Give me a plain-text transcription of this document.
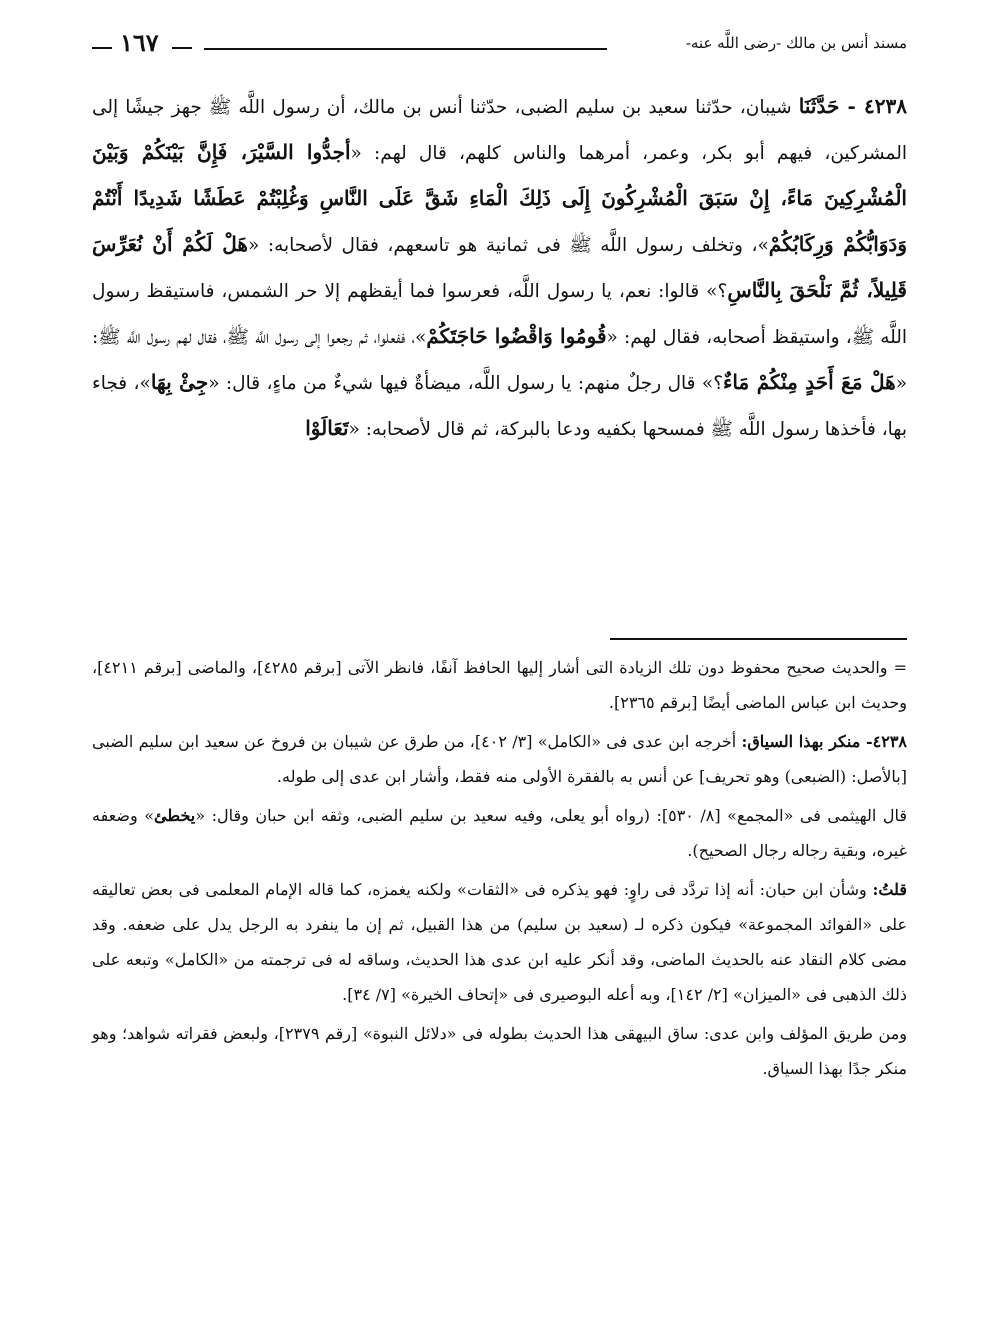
مسند أنس بن مالك -رضى اللَّه عنه-
١٦٧

٤٢٣٨ - حَدَّثَنَا شيبان، حدّثنا سعيد بن سليم الضبى، حدّثنا أنس بن مالك، أن رسول اللَّه ﷺ جهز جيشًا إلى المشركين، فيهم أبو بكر، وعمر، أمرهما والناس كلهم، قال لهم: «أجدُّوا السَّيْرَ، فَإِنَّ بَيْنَكُمْ وَبَيْنَ الْمُشْرِكِينَ مَاءً، إِنْ سَبَقَ الْمُشْرِكُونَ إِلَى ذَلِكَ الْمَاءِ شَقَّ عَلَى النَّاسِ وَغُلِبْتُمْ عَطَشًا شَدِيدًا أَنْتُمْ وَدَوَابُّكُمْ وَرِكَابُكُمْ»، وتخلف رسول اللَّه ﷺ فى ثمانية هو تاسعهم، فقال لأصحابه: «هَلْ لَكُمْ أَنْ نُعَرِّسَ قَلِيلاً، ثُمَّ نَلْحَقَ بِالنَّاسِ؟» قالوا: نعم، يا رسول اللَّه، فعرسوا فما أيقظهم إلا حر الشمس، فاستيقظ رسول اللَّه ﷺ، واستيقظ أصحابه، فقال لهم: «قُومُوا وَاقْضُوا حَاجَتَكُمْ»، ففعلوا، ثم رجعوا إلى رسول اللَّه ﷺ، فقال لهم رسول اللَّه ﷺ: «هَلْ مَعَ أَحَدٍ مِنْكُمْ مَاءٌ؟» قال رجلٌ منهم: يا رسول اللَّه، ميضأةٌ فيها شيءٌ من ماءٍ، قال: «جِئْ بِهَا»، فجاء بها، فأخذها رسول اللَّه ﷺ فمسحها بكفيه ودعا بالبركة، ثم قال لأصحابه: «تَعَالَوْا

= والحديث صحيح محفوظ دون تلك الزيادة التى أشار إليها الحافظ آنفًا، فانظر الآتى [برقم ٤٢٨٥]، والماضى [برقم ٤٢١١]، وحديث ابن عباس الماضى أيضًا [برقم ٢٣٦٥].

٤٢٣٨- منكر بهذا السياق: أخرجه ابن عدى فى «الكامل» [٣/ ٤٠٢]، من طرق عن شيبان بن فروخ عن سعيد ابن سليم الضبى [بالأصل: (الضبعى) وهو تحريف] عن أنس به بالفقرة الأولى منه فقط، وأشار ابن عدى إلى طوله.

قال الهيثمى فى «المجمع» [٨/ ٥٣٠]: (رواه أبو يعلى، وفيه سعيد بن سليم الضبى، وثقه ابن حبان وقال: «يخطئ» وضعفه غيره، وبقية رجاله رجال الصحيح).

قلتُ: وشأن ابن حبان: أنه إذا تردَّد فى راوٍ: فهو يذكره فى «الثقات» ولكنه يغمزه، كما قاله الإمام المعلمى فى بعض تعاليقه على «الفوائد المجموعة» فيكون ذكره لـ (سعيد بن سليم) من هذا القبيل، ثم إن ما ينفرد به الرجل يدل على ضعفه. وقد مضى كلام النقاد عنه بالحديث الماضى، وقد أنكر عليه ابن عدى هذا الحديث، وساقه له فى ترجمته من «الكامل» وتبعه على ذلك الذهبى فى «الميزان» [٢/ ١٤٢]، وبه أعله البوصيرى فى «إتحاف الخيرة» [٧/ ٣٤].

ومن طريق المؤلف وابن عدى: ساق البيهقى هذا الحديث بطوله فى «دلائل النبوة» [رقم ٢٣٧٩]، ولبعض فقراته شواهد؛ وهو منكر جدًا بهذا السياق.
